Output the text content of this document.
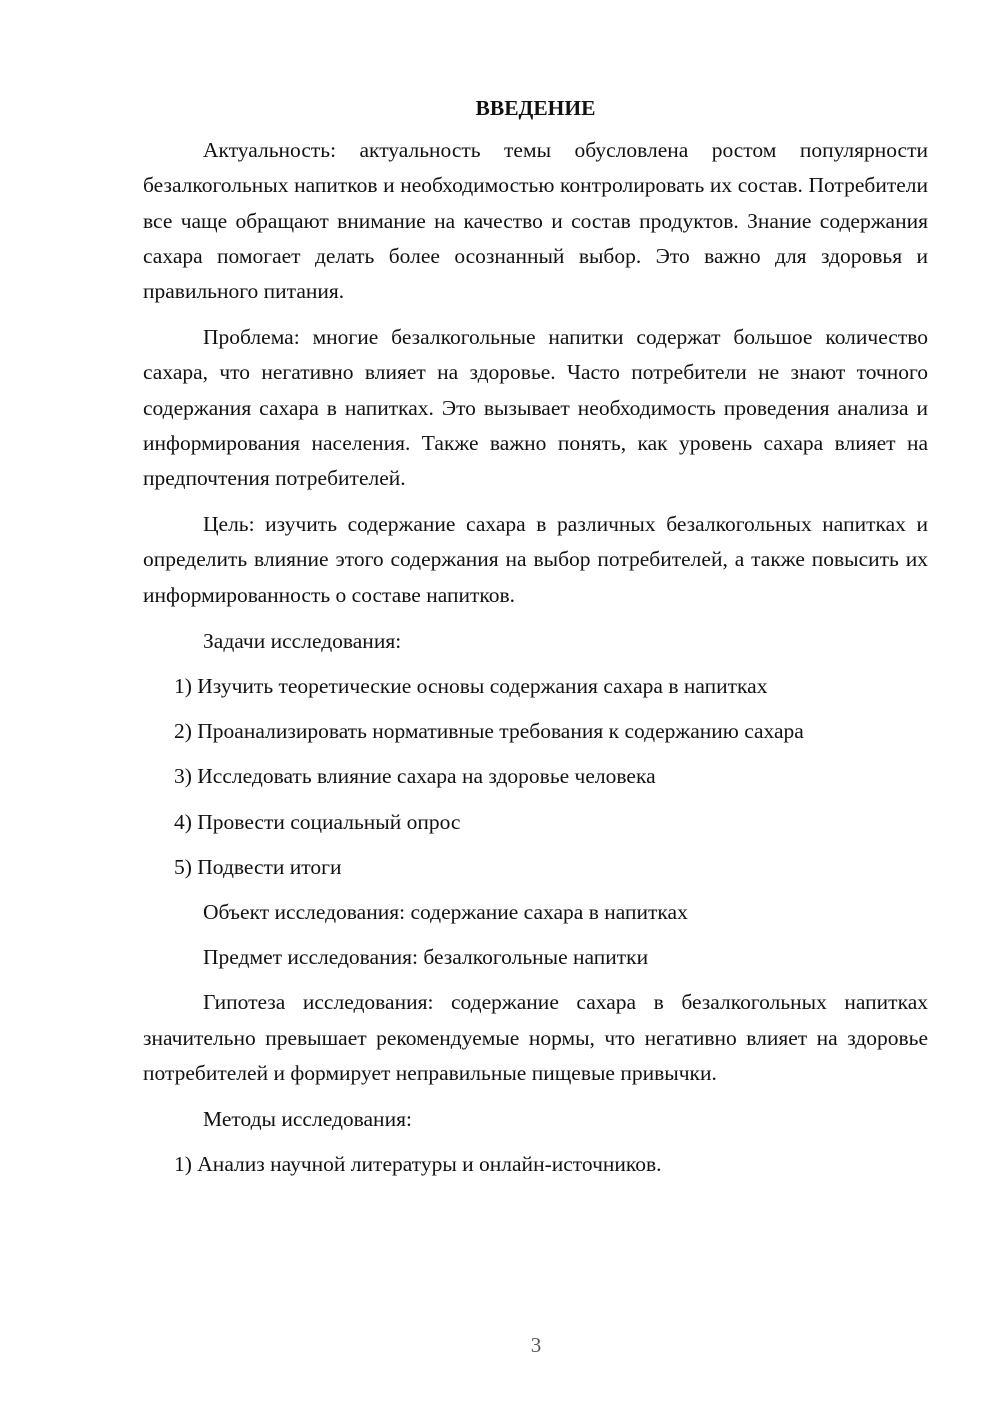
ВВЕДЕНИЕ
Актуальность: актуальность темы обусловлена ростом популярности безалкогольных напитков и необходимостью контролировать их состав. Потребители все чаще обращают внимание на качество и состав продуктов. Знание содержания сахара помогает делать более осознанный выбор. Это важно для здоровья и правильного питания.
Проблема: многие безалкогольные напитки содержат большое количество сахара, что негативно влияет на здоровье. Часто потребители не знают точного содержания сахара в напитках. Это вызывает необходимость проведения анализа и информирования населения. Также важно понять, как уровень сахара влияет на предпочтения потребителей.
Цель: изучить содержание сахара в различных безалкогольных напитках и определить влияние этого содержания на выбор потребителей, а также повысить их информированность о составе напитков.
Задачи исследования:
1) Изучить теоретические основы содержания сахара в напитках
2) Проанализировать нормативные требования к содержанию сахара
3) Исследовать влияние сахара на здоровье человека
4) Провести социальный опрос
5) Подвести итоги
Объект исследования: содержание сахара в напитках
Предмет исследования: безалкогольные напитки
Гипотеза исследования: содержание сахара в безалкогольных напитках значительно превышает рекомендуемые нормы, что негативно влияет на здоровье потребителей и формирует неправильные пищевые привычки.
Методы исследования:
1) Анализ научной литературы и онлайн-источников.
3
